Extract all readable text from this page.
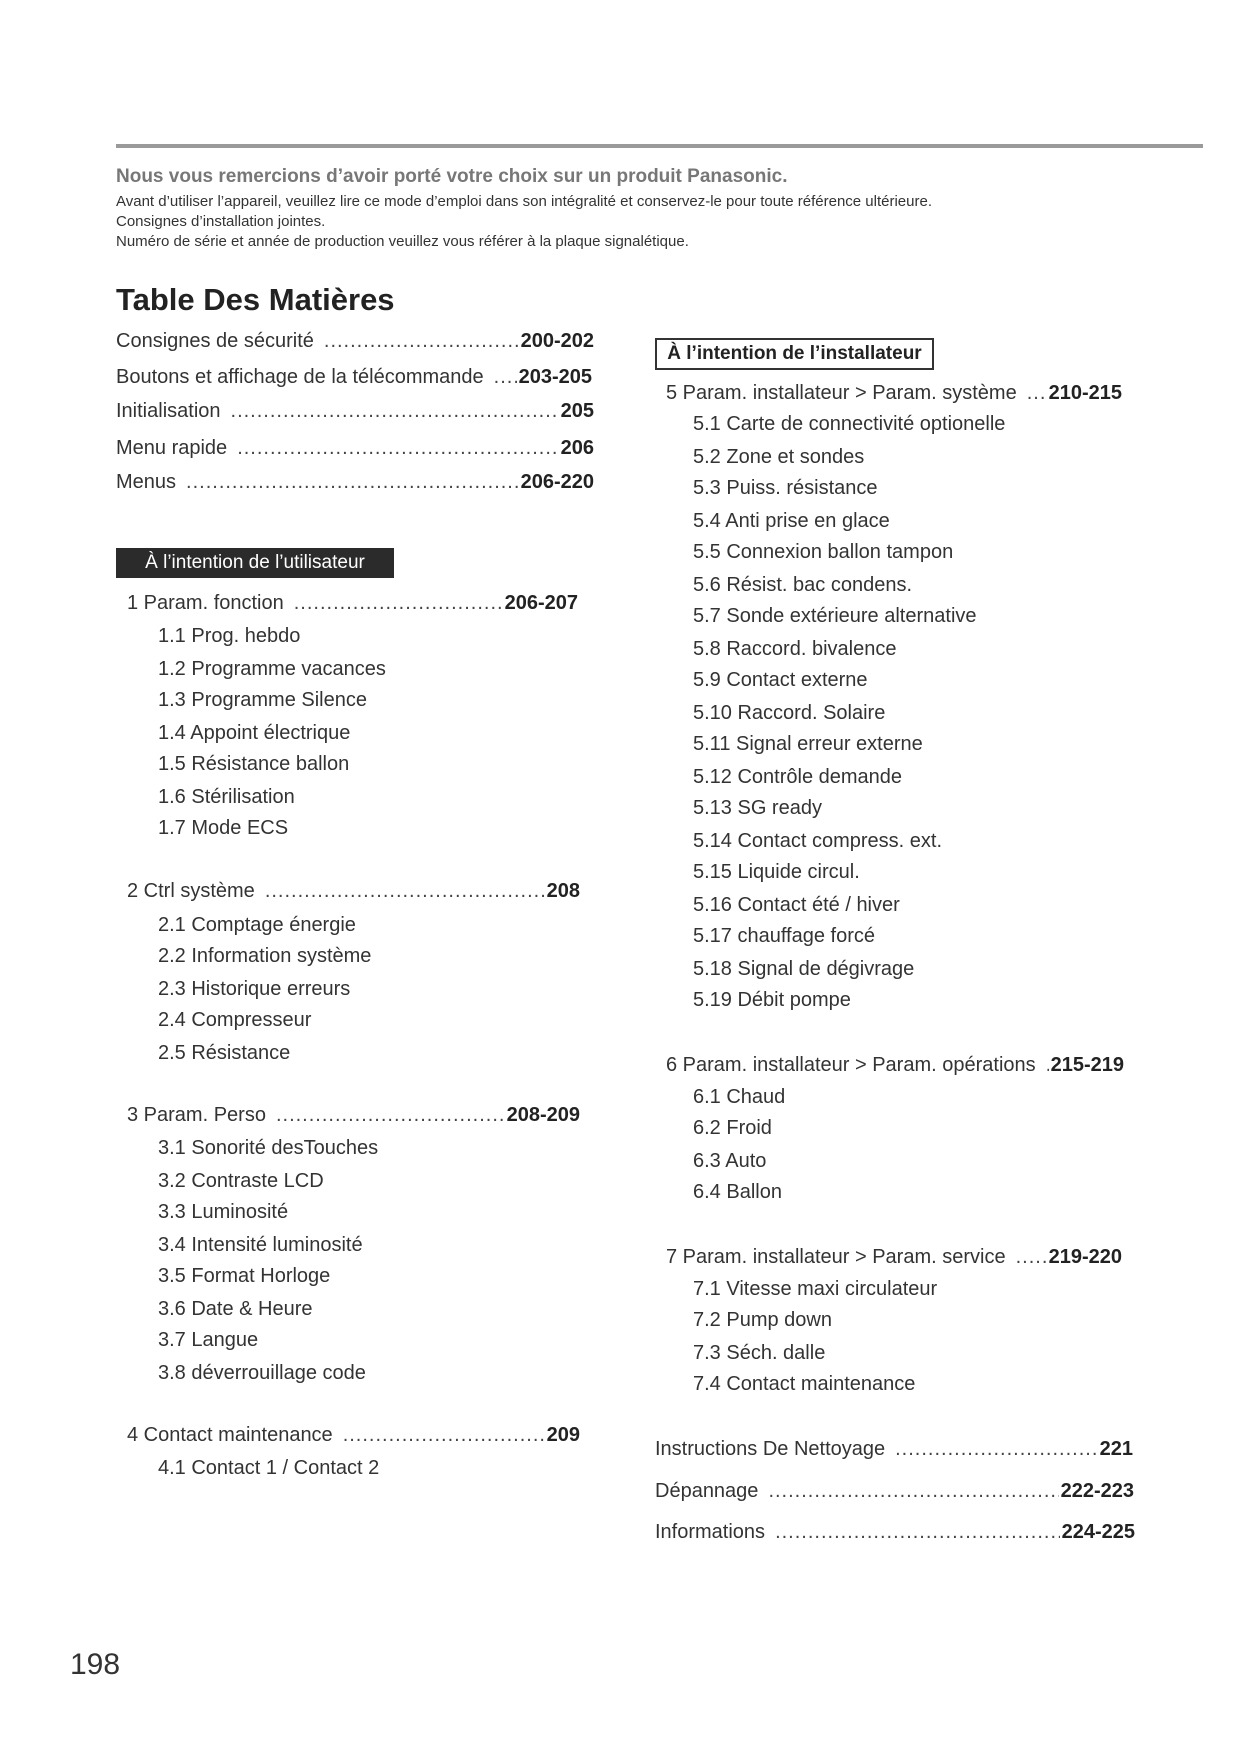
Nous vous remercions d’avoir porté votre choix sur un produit Panasonic.
Avant d’utiliser l’appareil, veuillez lire ce mode d’emploi dans son intégralité et conservez-le pour toute référence ultérieure.
Consignes d’installation jointes.
Numéro de série et année de production veuillez vous référer à la plaque signalétique.
Table Des Matières
Consignes de sécurité .....	200-202
Boutons et affichage de la télécommande ..... 203-205
Initialisation .....	205
Menu rapide .....	206
Menus .....	206-220
À l’intention de l’utilisateur
1 Param. fonction .....	206-207
1.1 Prog. hebdo
1.2 Programme vacances
1.3 Programme Silence
1.4 Appoint électrique
1.5 Résistance ballon
1.6 Stérilisation
1.7 Mode ECS
2 Ctrl système .....	208
2.1 Comptage énergie
2.2 Information système
2.3 Historique erreurs
2.4 Compresseur
2.5 Résistance
3 Param. Perso .....	208-209
3.1 Sonorité desTouches
3.2 Contraste LCD
3.3 Luminosité
3.4 Intensité luminosité
3.5 Format Horloge
3.6 Date & Heure
3.7 Langue
3.8 déverrouillage code
4 Contact maintenance .....	209
4.1 Contact 1 / Contact 2
À l’intention de l’installateur
5 Param. installateur > Param. système ..... 210-215
5.1 Carte de connectivité optionelle
5.2 Zone et sondes
5.3 Puiss. résistance
5.4 Anti prise en glace
5.5 Connexion ballon tampon
5.6 Résist. bac condens.
5.7 Sonde extérieure alternative
5.8 Raccord. bivalence
5.9 Contact externe
5.10 Raccord. Solaire
5.11 Signal erreur externe
5.12 Contrôle demande
5.13 SG ready
5.14 Contact compress. ext.
5.15 Liquide circul.
5.16 Contact été / hiver
5.17 chauffage forcé
5.18 Signal de dégivrage
5.19 Débit pompe
6 Param. installateur > Param. opérations ..... 215-219
6.1 Chaud
6.2 Froid
6.3 Auto
6.4 Ballon
7 Param. installateur > Param. service ..... 219-220
7.1 Vitesse maxi circulateur
7.2 Pump down
7.3 Séch. dalle
7.4 Contact maintenance
Instructions De Nettoyage .....	221
Dépannage .....	222-223
Informations .....	224-225
198
